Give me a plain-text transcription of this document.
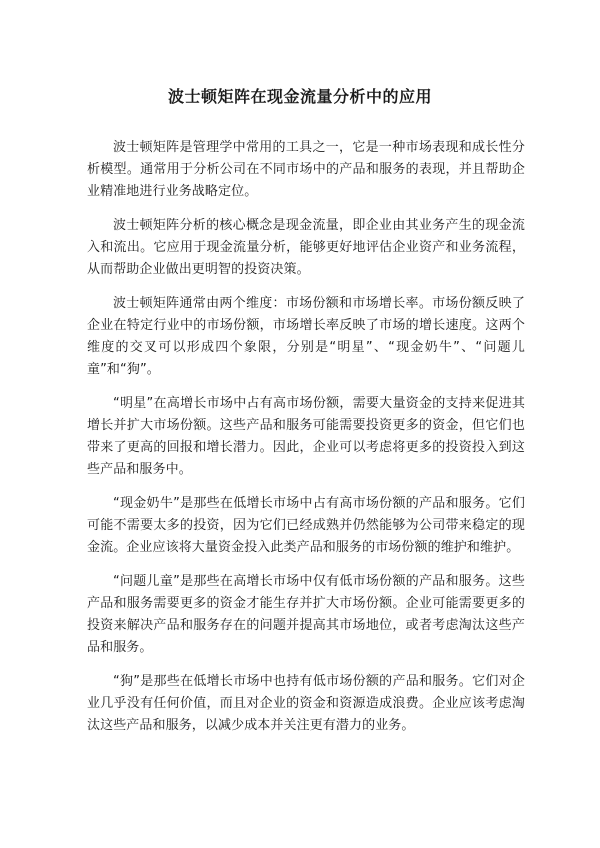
波士顿矩阵在现金流量分析中的应用

波士顿矩阵是管理学中常用的工具之一，它是一种市场表现和成长性分析模型。通常用于分析公司在不同市场中的产品和服务的表现，并且帮助企业精准地进行业务战略定位。

波士顿矩阵分析的核心概念是现金流量，即企业由其业务产生的现金流入和流出。它应用于现金流量分析，能够更好地评估企业资产和业务流程，从而帮助企业做出更明智的投资决策。

波士顿矩阵通常由两个维度：市场份额和市场增长率。市场份额反映了企业在特定行业中的市场份额，市场增长率反映了市场的增长速度。这两个维度的交叉可以形成四个象限，分别是“明星”、“现金奶牛”、“问题儿童”和“狗”。

“明星”在高增长市场中占有高市场份额，需要大量资金的支持来促进其增长并扩大市场份额。这些产品和服务可能需要投资更多的资金，但它们也带来了更高的回报和增长潜力。因此，企业可以考虑将更多的投资投入到这些产品和服务中。

“现金奶牛”是那些在低增长市场中占有高市场份额的产品和服务。它们可能不需要太多的投资，因为它们已经成熟并仍然能够为公司带来稳定的现金流。企业应该将大量资金投入此类产品和服务的市场份额的维护和维护。

“问题儿童”是那些在高增长市场中仅有低市场份额的产品和服务。这些产品和服务需要更多的资金才能生存并扩大市场份额。企业可能需要更多的投资来解决产品和服务存在的问题并提高其市场地位，或者考虑淘汰这些产品和服务。

“狗”是那些在低增长市场中也持有低市场份额的产品和服务。它们对企业几乎没有任何价值，而且对企业的资金和资源造成浪费。企业应该考虑淘汰这些产品和服务，以减少成本并关注更有潜力的业务。
